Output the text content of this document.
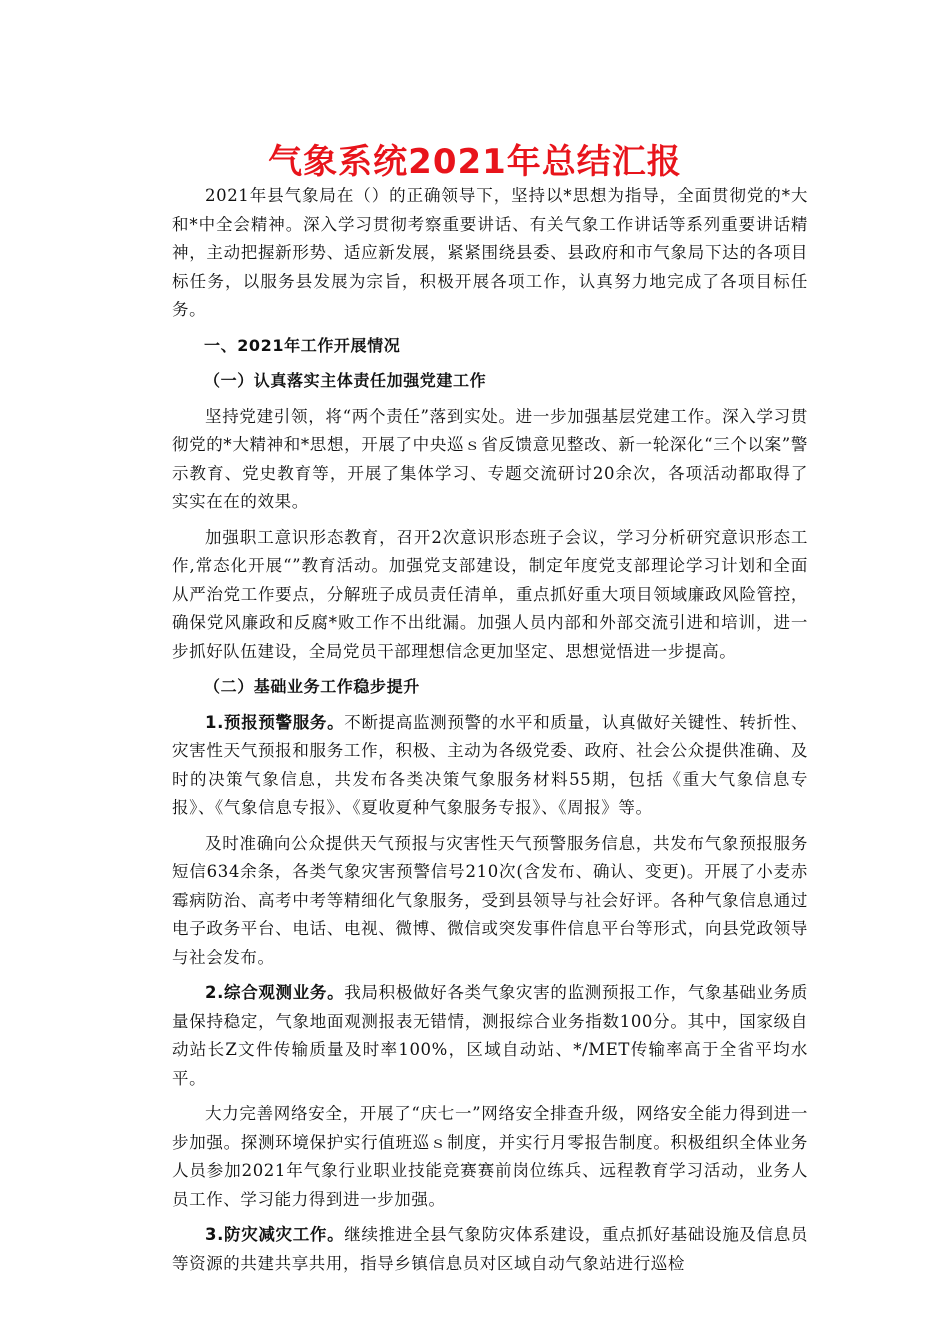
气象系统2021年总结汇报

2021年县气象局在（）的正确领导下，坚持以*思想为指导，全面贯彻党的*大和*中全会精神。深入学习贯彻考察重要讲话、有关气象工作讲话等系列重要讲话精神，主动把握新形势、适应新发展，紧紧围绕县委、县政府和市气象局下达的各项目标任务，以服务县发展为宗旨，积极开展各项工作，认真努力地完成了各项目标任务。

一、2021年工作开展情况

（一）认真落实主体责任加强党建工作

坚持党建引领，将“两个责任”落到实处。进一步加强基层党建工作。深入学习贯彻党的*大精神和*思想，开展了中央巡ｓ省反馈意见整改、新一轮深化“三个以案”警示教育、党史教育等，开展了集体学习、专题交流研讨20余次，各项活动都取得了实实在在的效果。

加强职工意识形态教育，召开2次意识形态班子会议，学习分析研究意识形态工作,常态化开展“”教育活动。加强党支部建设，制定年度党支部理论学习计划和全面从严治党工作要点，分解班子成员责任清单，重点抓好重大项目领域廉政风险管控，确保党风廉政和反腐*败工作不出纰漏。加强人员内部和外部交流引进和培训，进一步抓好队伍建设，全局党员干部理想信念更加坚定、思想觉悟进一步提高。

（二）基础业务工作稳步提升

1.预报预警服务。不断提高监测预警的水平和质量，认真做好关键性、转折性、灾害性天气预报和服务工作，积极、主动为各级党委、政府、社会公众提供准确、及时的决策气象信息，共发布各类决策气象服务材料55期，包括《重大气象信息专报》、《气象信息专报》、《夏收夏种气象服务专报》、《周报》等。

及时准确向公众提供天气预报与灾害性天气预警服务信息，共发布气象预报服务短信634余条，各类气象灾害预警信号210次(含发布、确认、变更)。开展了小麦赤霉病防治、高考中考等精细化气象服务，受到县领导与社会好评。各种气象信息通过电子政务平台、电话、电视、微博、微信或突发事件信息平台等形式，向县党政领导与社会发布。

2.综合观测业务。我局积极做好各类气象灾害的监测预报工作，气象基础业务质量保持稳定，气象地面观测报表无错情，测报综合业务指数100分。其中，国家级自动站长Z文件传输质量及时率100%，区域自动站、*/MET传输率高于全省平均水平。

大力完善网络安全，开展了“庆七一”网络安全排查升级，网络安全能力得到进一步加强。探测环境保护实行值班巡ｓ制度，并实行月零报告制度。积极组织全体业务人员参加2021年气象行业职业技能竞赛赛前岗位练兵、远程教育学习活动，业务人员工作、学习能力得到进一步加强。

3.防灾减灾工作。继续推进全县气象防灾体系建设，重点抓好基础设施及信息员等资源的共建共享共用，指导乡镇信息员对区域自动气象站进行巡检
